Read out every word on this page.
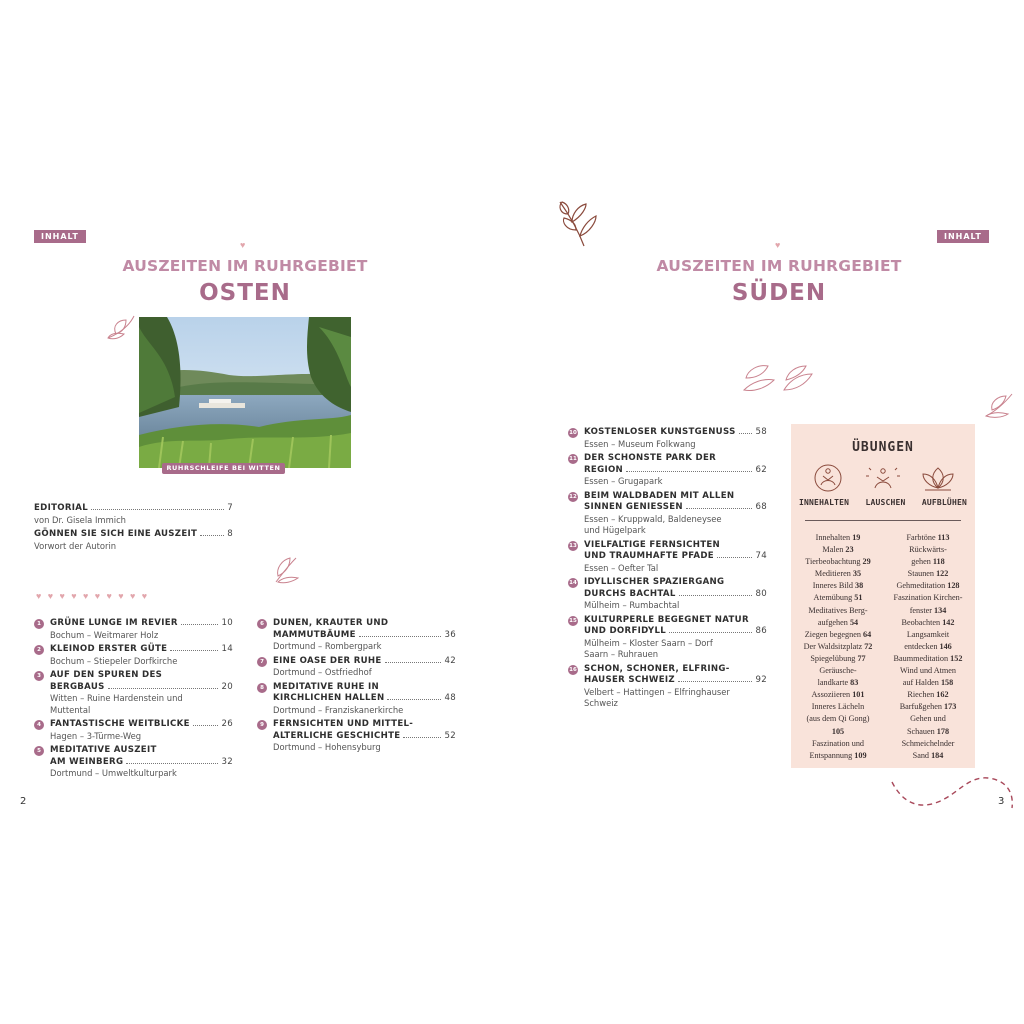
INHALT
♥
AUSZEITEN IM RUHRGEBIET
OSTEN
RUHRSCHLEIFE BEI WITTEN
EDITORIAL	7
von Dr. Gisela Immich
GÖNNEN SIE SICH EINE AUSZEIT	8
Vorwort der Autorin
♥♥♥♥♥♥♥♥♥♥
1	GRÜNE LUNGE IM REVIER	10
Bochum – Weitmarer Holz
2	KLEINOD ERSTER GÜTE	14
Bochum – Stiepeler Dorfkirche
3	AUF DEN SPUREN DES
BERGBAUS	20
Witten – Ruine Hardenstein und
Muttental
4	FANTASTISCHE WEITBLICKE	26
Hagen – 3-Türme-Weg
5	MEDITATIVE AUSZEIT
AM WEINBERG	32
Dortmund – Umweltkulturpark
6	DÜNEN, KRÄUTER UND
MAMMUTBÄUME	36
Dortmund – Rombergpark
7	EINE OASE DER RUHE	42
Dortmund – Ostfriedhof
8	MEDITATIVE RUHE IN
KIRCHLICHEN HALLEN	48
Dortmund – Franziskanerkirche
9	FERNSICHTEN UND MITTEL-
ALTERLICHE GESCHICHTE	52
Dortmund – Hohensyburg
2
INHALT
♥
AUSZEITEN IM RUHRGEBIET
SÜDEN
10 KOSTENLOSER KUNSTGENUSS 58
Essen – Museum Folkwang
11 DER SCHÖNSTE PARK DER
REGION	62
Essen – Grugapark
12 BEIM WALDBADEN MIT ALLEN
SINNEN GENIESSEN	68
Essen – Kruppwald, Baldeneysee
und Hügelpark
13 VIELFÄLTIGE FERNSICHTEN
UND TRAUMHAFTE PFADE	74
Essen – Oefter Tal
14 IDYLLISCHER SPAZIERGANG
DURCHS BACHTAL	80
Mülheim – Rumbachtal
15 KULTURPERLE BEGEGNET NATUR
UND DORFIDYLL	86
Mülheim – Kloster Saarn – Dorf
Saarn – Ruhrauen
16 SCHÖN, SCHÖNER, ELFRING-
HAUSER SCHWEIZ	92
Velbert – Hattingen – Elfringhauser
Schweiz
3
ÜBUNGEN
INNEHALTEN LAUSCHEN AUFBLÜHEN
Innehalten 19
Malen 23
Tierbeobachtung 29
Meditieren 35
Inneres Bild 38
Atemübung 51
Meditatives Berg-
aufgehen 54
Ziegen begegnen 64
Der Waldsitzplatz 72
Spiegelübung 77
Geräusche-
landkarte 83
Assoziieren 101
Inneres Lächeln
(aus dem Qi Gong)
105
Faszination und
Entspannung 109
Farbtöne 113
Rückwärts-
gehen 118
Staunen 122
Gehmeditation 128
Faszination Kirchen-
fenster 134
Beobachten 142
Langsamkeit
entdecken 146
Baummeditation 152
Wind und Atmen
auf Halden 158
Riechen 162
Barfußgehen 173
Gehen und
Schauen 178
Schmeichelnder
Sand 184
